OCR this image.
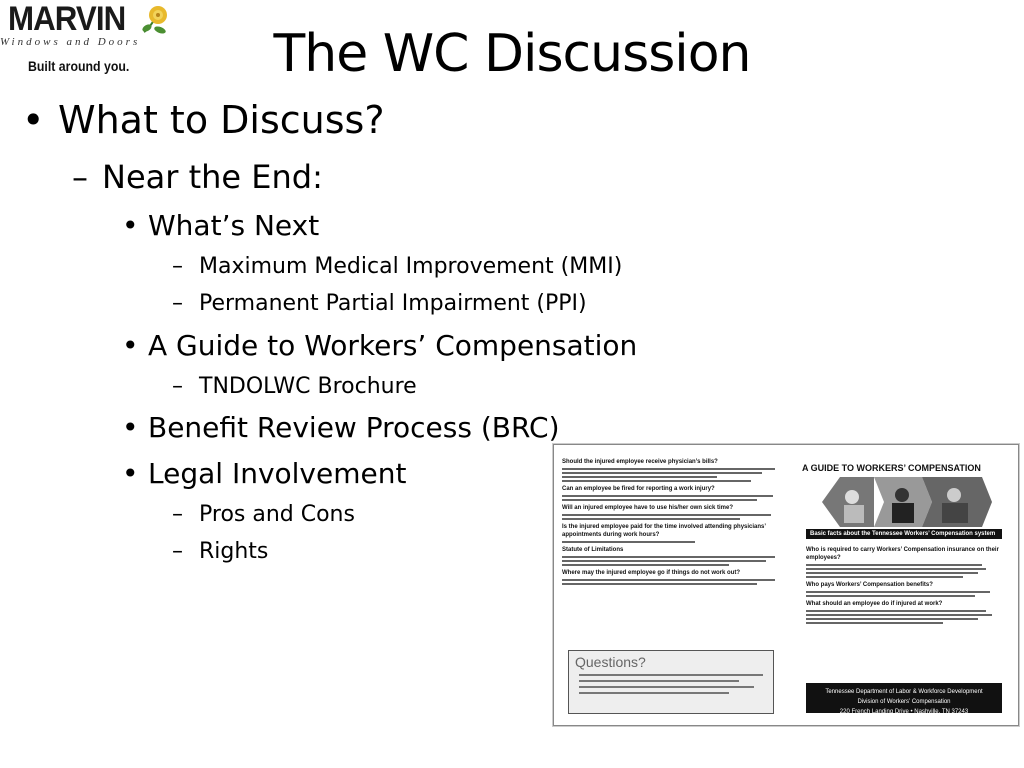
MARVIN
Windows and Doors
Built around you.	The WC Discussion
• What to Discuss?
– Near the End:
• What’s Next
– Maximum Medical Improvement (MMI)
– Permanent Partial Impairment (PPI)
• A Guide to Workers’ Compensation
– TNDOLWC Brochure
• Benefit Review Process (BRC)
• Legal Involvement
– Pros and Cons
– Rights
Should the injured employee receive physician’s bills?
Can an employee be fired for reporting a work injury?
Will an injured employee have to use his/her own sick time?
Is the injured employee paid for the time involved attending physicians’ appointments during work hours?
Statute of Limitations
Where may the injured employee go if things do not work out?
Questions?
A GUIDE TO WORKERS’ COMPENSATION
Basic facts about the Tennessee Workers’ Compensation system
Who is required to carry Workers’ Compensation insurance on their employees?
Who pays Workers’ Compensation benefits?
What should an employee do if injured at work?
Tennessee Department of Labor & Workforce Development
Division of Workers’ Compensation
220 French Landing Drive • Nashville, TN 37243
